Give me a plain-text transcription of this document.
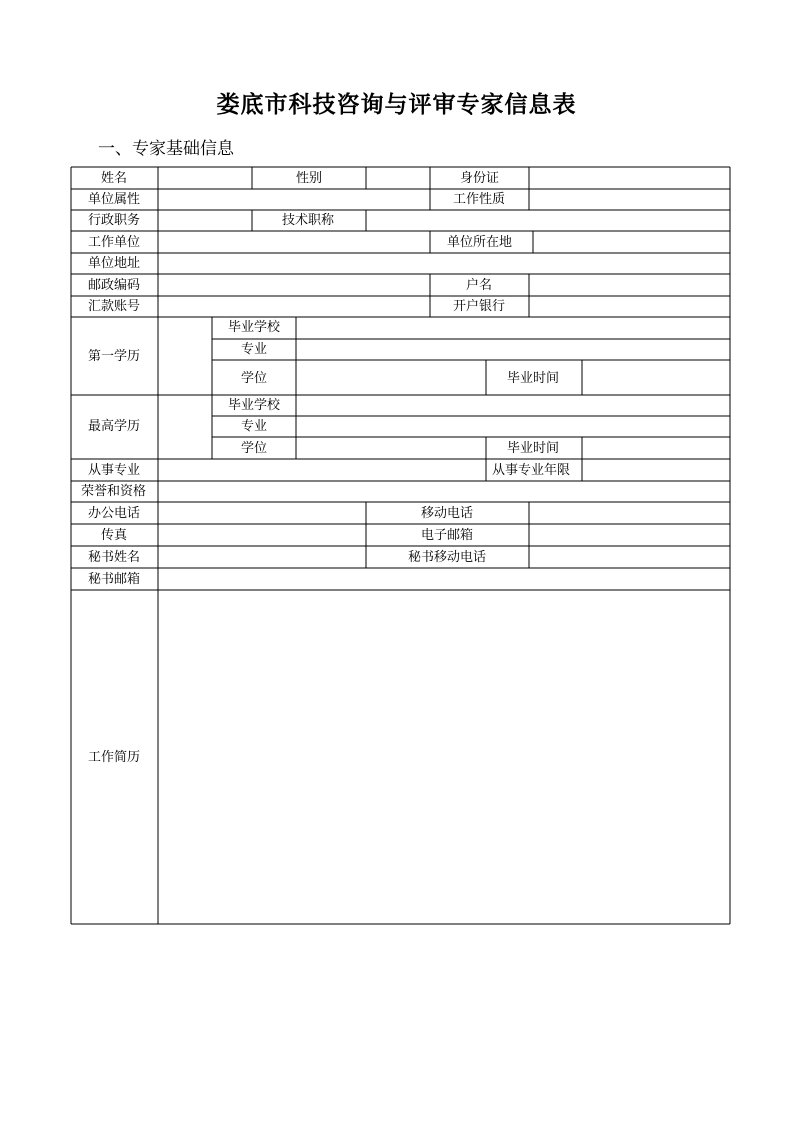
娄底市科技咨询与评审专家信息表
一、专家基础信息
姓名	性别	身份证
单位属性	工作性质
行政职务	技术职称
工作单位	单位所在地
单位地址
邮政编码	户名
汇款账号	开户银行
第一学历
毕业学校
专业
学位	毕业时间
最高学历
毕业学校
专业
学位	毕业时间
从事专业	从事专业年限
荣誉和资格
办公电话	移动电话
传真	电子邮箱
秘书姓名	秘书移动电话
秘书邮箱
工作简历
